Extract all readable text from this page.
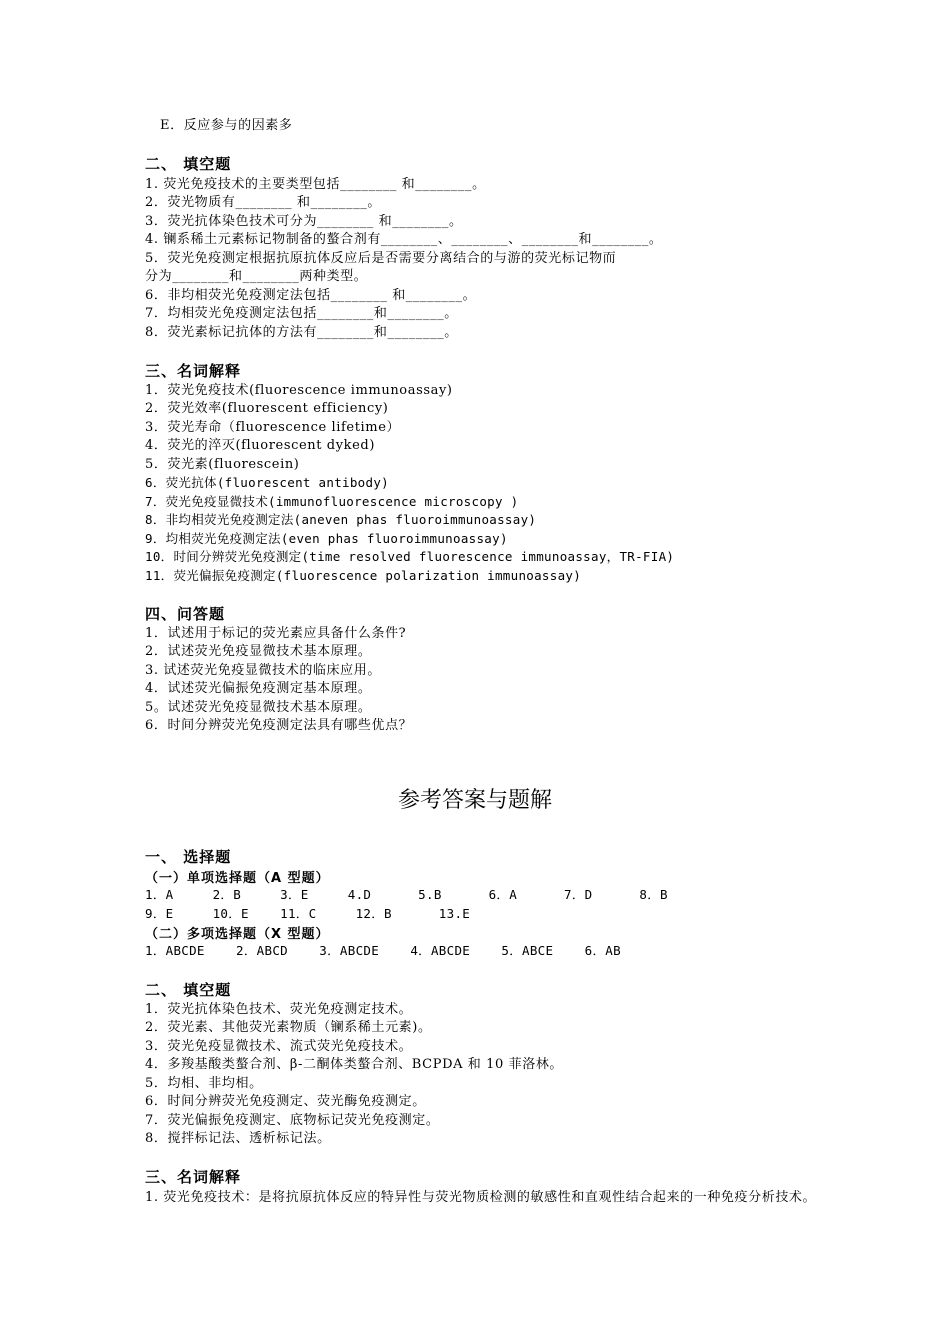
E．反应参与的因素多
二、 填空题
1. 荧光免疫技术的主要类型包括________ 和________。
2．荧光物质有________ 和________。
3．荧光抗体染色技术可分为________ 和________。
4. 镧系稀土元素标记物制备的螯合剂有________、________、________和________。
5．荧光免疫测定根据抗原抗体反应后是否需要分离结合的与游的荧光标记物而
分为________和________两种类型。
6．非均相荧光免疫测定法包括________ 和________。
7．均相荧光免疫测定法包括________和________。
8．荧光素标记抗体的方法有________和________。
三、名词解释
1．荧光免疫技术(fluorescence immunoassay)
2．荧光效率(fluorescent efficiency)
3．荧光寿命（fluorescence lifetime）
4．荧光的淬灭(fluorescent dyked)
5．荧光素(fluorescein)
6．荧光抗体(fluorescent antibody)
7．荧光免疫显微技术(immunofluorescence microscopy )
8．非均相荧光免疫测定法(aneven phas fluoroimmunoassay)
9．均相荧光免疫测定法(even phas fluoroimmunoassay)
10．时间分辨荧光免疫测定(time resolved fluorescence immunoassay，TR-FIA)
11．荧光偏振免疫测定(fluorescence polarization immunoassay)
四、问答题
1．试述用于标记的荧光素应具备什么条件?
2．试述荧光免疫显微技术基本原理。
3. 试述荧光免疫显微技术的临床应用。
4．试述荧光偏振免疫测定基本原理。
5。试述荧光免疫显微技术基本原理。
6．时间分辨荧光免疫测定法具有哪些优点？
参考答案与题解
一、 选择题
（一）单项选择题（A 型题）
1．A     2．B     3．E     4.D      5.B      6．A      7．D      8．B
9．E     10．E    11．C     12．B      13.E
（二）多项选择题（X 型题）
1．ABCDE    2．ABCD    3．ABCDE    4．ABCDE    5．ABCE    6．AB
二、 填空题
1．荧光抗体染色技术、荧光免疫测定技术。
2．荧光素、其他荧光素物质（镧系稀土元素)。
3．荧光免疫显微技术、流式荧光免疫技术。
4．多羧基酸类螯合剂、β-二酮体类螯合剂、BCPDA 和 10 菲洛林。
5．均相、非均相。
6．时间分辨荧光免疫测定、荧光酶免疫测定。
7．荧光偏振免疫测定、底物标记荧光免疫测定。
8．搅拌标记法、透析标记法。
三、名词解释
1. 荧光免疫技术：是将抗原抗体反应的特异性与荧光物质检测的敏感性和直观性结合起来的一种免疫分析技术。
